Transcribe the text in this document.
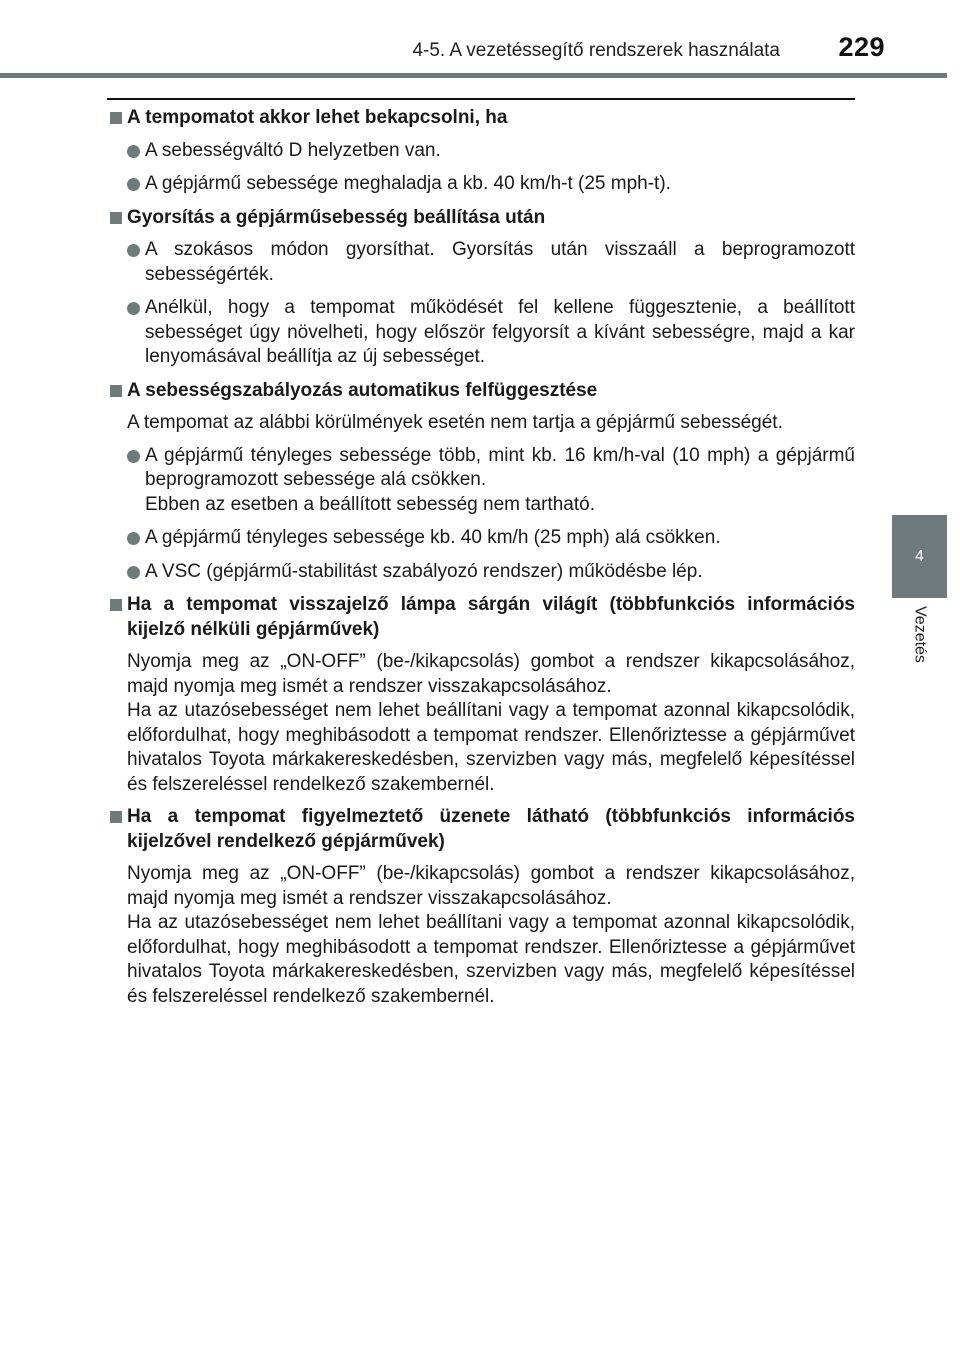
4-5. A vezetéssegítő rendszerek használata 229
4
Vezetés
A tempomatot akkor lehet bekapcsolni, ha
A sebességváltó D helyzetben van.
A gépjármű sebessége meghaladja a kb. 40 km/h-t (25 mph-t).
Gyorsítás a gépjárműsebesség beállítása után
A szokásos módon gyorsíthat. Gyorsítás után visszaáll a beprogramozott sebességérték.
Anélkül, hogy a tempomat működését fel kellene függesztenie, a beállított sebességet úgy növelheti, hogy először felgyorsít a kívánt sebességre, majd a kar lenyomásával beállítja az új sebességet.
A sebességszabályozás automatikus felfüggesztése
A tempomat az alábbi körülmények esetén nem tartja a gépjármű sebességét.
A gépjármű tényleges sebessége több, mint kb. 16 km/h-val (10 mph) a gépjármű beprogramozott sebessége alá csökken.
Ebben az esetben a beállított sebesség nem tartható.
A gépjármű tényleges sebessége kb. 40 km/h (25 mph) alá csökken.
A VSC (gépjármű-stabilitást szabályozó rendszer) működésbe lép.
Ha a tempomat visszajelző lámpa sárgán világít (többfunkciós információs kijelző nélküli gépjárművek)
Nyomja meg az „ON-OFF” (be-/kikapcsolás) gombot a rendszer kikapcsolásához, majd nyomja meg ismét a rendszer visszakapcsolásához.
Ha az utazósebességet nem lehet beállítani vagy a tempomat azonnal kikapcsolódik, előfordulhat, hogy meghibásodott a tempomat rendszer. Ellenőriztesse a gépjárművet hivatalos Toyota márkakereskedésben, szervizben vagy más, megfelelő képesítéssel és felszereléssel rendelkező szakembernél.
Ha a tempomat figyelmeztető üzenete látható (többfunkciós információs kijelzővel rendelkező gépjárművek)
Nyomja meg az „ON-OFF” (be-/kikapcsolás) gombot a rendszer kikapcsolásához, majd nyomja meg ismét a rendszer visszakapcsolásához.
Ha az utazósebességet nem lehet beállítani vagy a tempomat azonnal kikapcsolódik, előfordulhat, hogy meghibásodott a tempomat rendszer. Ellenőriztesse a gépjárművet hivatalos Toyota márkakereskedésben, szervizben vagy más, megfelelő képesítéssel és felszereléssel rendelkező szakembernél.
